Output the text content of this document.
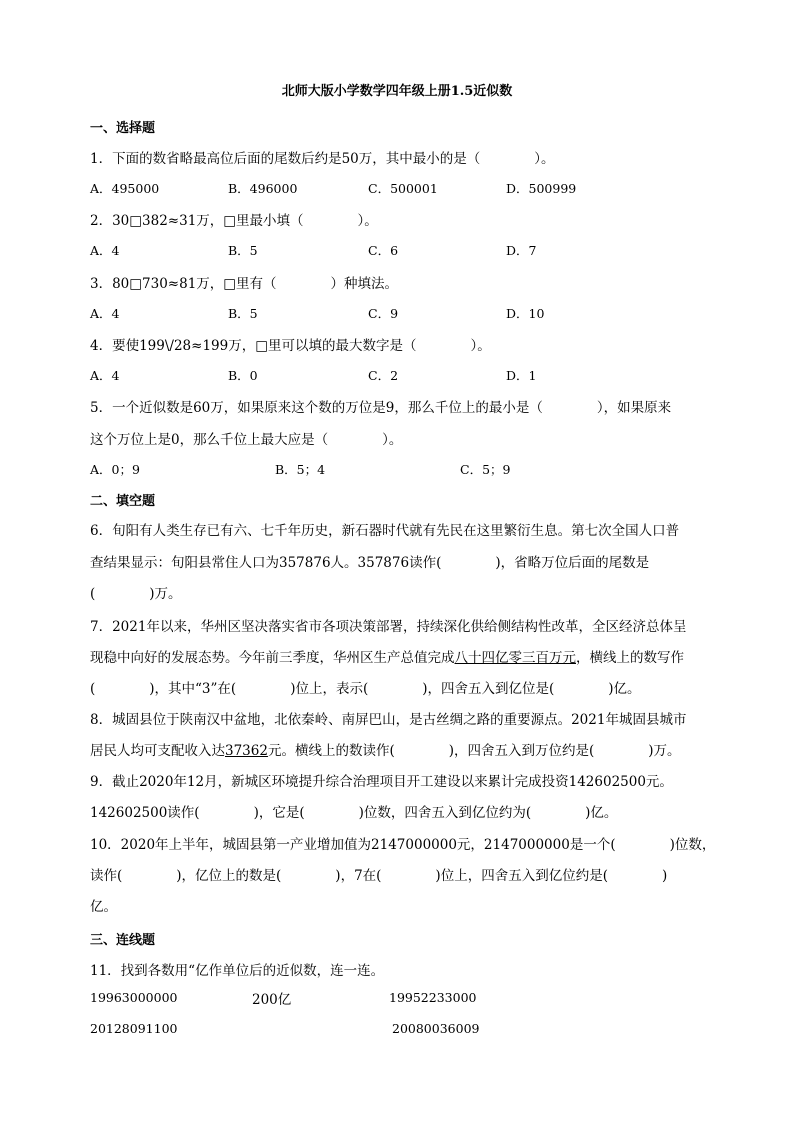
北师大版小学数学四年级上册1.5近似数
一、选择题
1．下面的数省略最高位后面的尾数后约是50万，其中最小的是（　　　　）。
A．495000	B．496000	C．500001	D．500999
2．30□382≈31万，□里最小填（　　　　）。
A．4	B．5	C．6	D．7
3．80□730≈81万，□里有（　　　　）种填法。
A．4	B．5	C．9	D．10
4．要使199\/28≈199万，□里可以填的最大数字是（　　　　）。
A．4	B．0	C．2	D．1
5．一个近似数是60万，如果原来这个数的万位是9，那么千位上的最小是（　　　　），如果原来
这个万位上是0，那么千位上最大应是（　　　　）。
A．0；9	B．5；4	C．5；9
二、填空题
6．旬阳有人类生存已有六、七千年历史，新石器时代就有先民在这里繁衍生息。第七次全国人口普
查结果显示：旬阳县常住人口为357876人。357876读作(　　　　)，省略万位后面的尾数是
(　　　　)万。
7．2021年以来，华州区坚决落实省市各项决策部署，持续深化供给侧结构性改革，全区经济总体呈
现稳中向好的发展态势。今年前三季度，华州区生产总值完成八十四亿零三百万元，横线上的数写作
(　　　　)，其中“3”在(　　　　)位上，表示(　　　　)，四舍五入到亿位是(　　　　)亿。
8．城固县位于陕南汉中盆地，北依秦岭、南屏巴山，是古丝绸之路的重要源点。2021年城固县城市
居民人均可支配收入达37362元。横线上的数读作(　　　　)，四舍五入到万位约是(　　　　)万。
9．截止2020年12月，新城区环境提升综合治理项目开工建设以来累计完成投资142602500元。
142602500读作(　　　　)，它是(　　　　)位数，四舍五入到亿位约为(　　　　)亿。
10．2020年上半年，城固县第一产业增加值为2147000000元，2147000000是一个(　　　　)位数，
读作(　　　　)，亿位上的数是(　　　　)，7在(　　　　)位上，四舍五入到亿位约是(　　　　)
亿。
三、连线题
11．找到各数用“亿作单位后的近似数，连一连。
19963000000	200亿	19952233000
20128091100	20080036009
